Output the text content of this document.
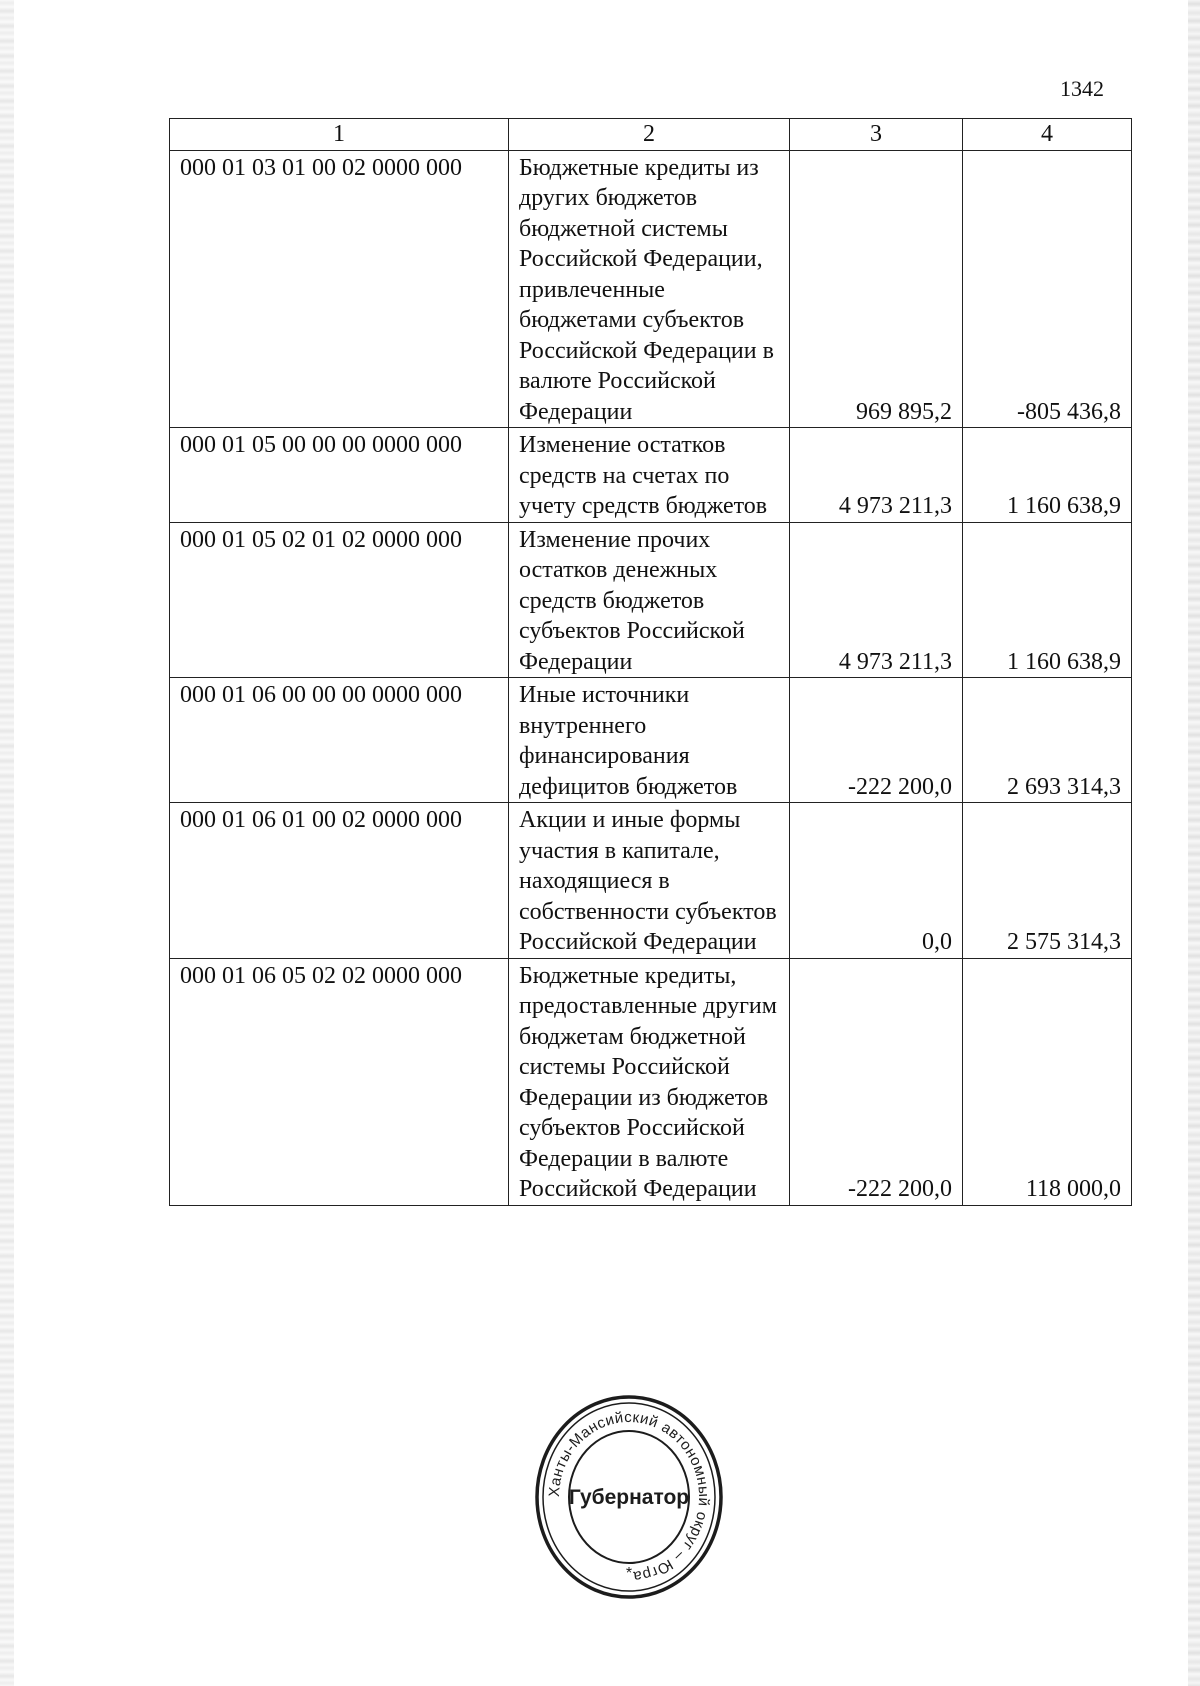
1342
1	2	3	4
000 01 03 01 00 02 0000 000	Бюджетные кредиты из других бюджетов бюджетной системы Российской Федерации, привлеченные бюджетами субъектов Российской Федерации в валюте Российской Федерации	969 895,2	-805 436,8
000 01 05 00 00 00 0000 000	Изменение остатков средств на счетах по учету средств бюджетов	4 973 211,3	1 160 638,9
000 01 05 02 01 02 0000 000	Изменение прочих остатков денежных средств бюджетов субъектов Российской Федерации	4 973 211,3	1 160 638,9
000 01 06 00 00 00 0000 000	Иные источники внутреннего финансирования дефицитов бюджетов	-222 200,0	2 693 314,3
000 01 06 01 00 02 0000 000	Акции и иные формы участия в капитале, находящиеся в собственности субъектов Российской Федерации	0,0	2 575 314,3
000 01 06 05 02 02 0000 000	Бюджетные кредиты, предоставленные другим бюджетам бюджетной системы Российской Федерации из бюджетов субъектов Российской Федерации в валюте Российской Федерации	-222 200,0	118 000,0
Ханты-Мансийский автономный округ – Югра
Губернатор
*
